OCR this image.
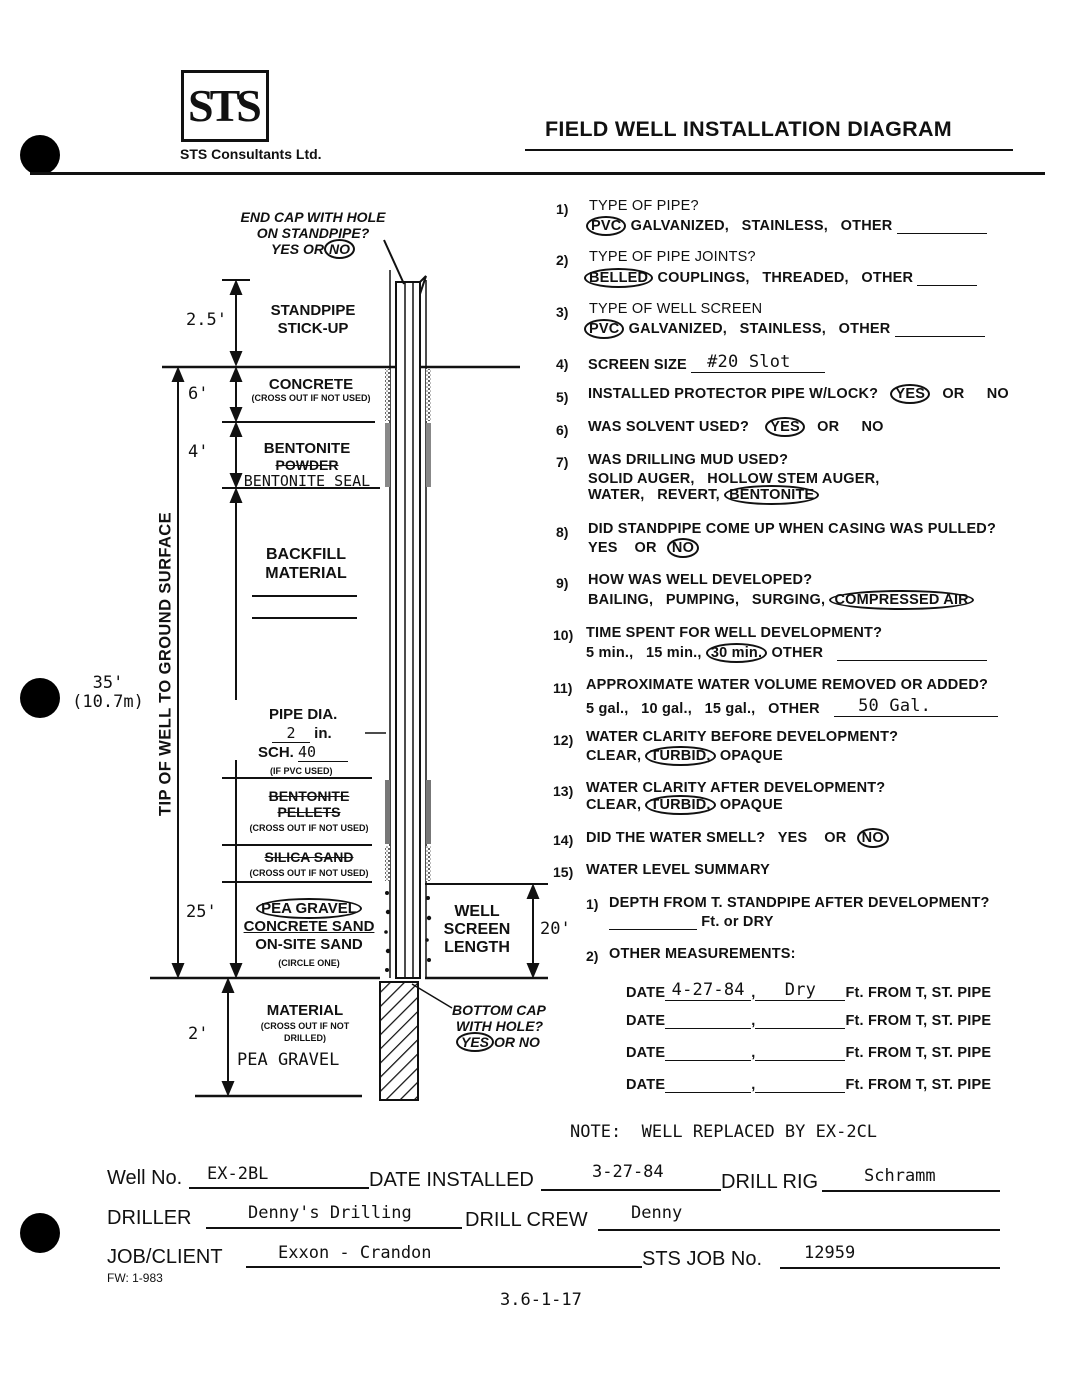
STS
STS Consultants Ltd.
FIELD WELL INSTALLATION DIAGRAM
END CAP WITH HOLE
ON STANDPIPE?
YES OR NO
2.5'	STANDPIPE
STICK-UP
6'	CONCRETE
(CROSS OUT IF NOT USED)
4'	BENTONITE
POWDER
BENTONITE SEAL
BACKFILL
MATERIAL
PIPE DIA.
2 in.
SCH. 40
(IF PVC USED)
BENTONITE
PELLETS
(CROSS OUT IF NOT USED)
SILICA SAND
(CROSS OUT IF NOT USED)
25'	PEA GRAVEL
CONCRETE SAND
ON-SITE SAND
(CIRCLE ONE)
WELL
SCREEN
LENGTH
20'
2'
MATERIAL
(CROSS OUT IF NOT
DRILLED)
PEA GRAVEL
BOTTOM CAP
WITH HOLE?
YES OR NO
35'
(10.7m) TIP OF WELL TO GROUND SURFACE
1) TYPE OF PIPE?
PVC GALVANIZED,   STAINLESS,   OTHER
2) TYPE OF PIPE JOINTS?
BELLED COUPLINGS,   THREADED,   OTHER
3) TYPE OF WELL SCREEN
PVC GALVANIZED,   STAINLESS,   OTHER
4) SCREEN SIZE #20 Slot
5) INSTALLED PROTECTOR PIPE W/LOCK? YES OR NO
6) WAS SOLVENT USED? YES OR NO
7) WAS DRILLING MUD USED?
SOLID AUGER,   HOLLOW STEM AUGER,
WATER,   REVERT, BENTONITE
8) DID STANDPIPE COME UP WHEN CASING WAS PULLED?
YES    OR NO
9) HOW WAS WELL DEVELOPED?
BAILING,   PUMPING,   SURGING, COMPRESSED AIR
10) TIME SPENT FOR WELL DEVELOPMENT?
5 min.,   15 min., 30 min. OTHER
11) APPROXIMATE WATER VOLUME REMOVED OR ADDED?
5 gal.,   10 gal.,   15 gal.,   OTHER 50 Gal.
12) WATER CLARITY BEFORE DEVELOPMENT?
CLEAR, TURBID, OPAQUE
13) WATER CLARITY AFTER DEVELOPMENT?
CLEAR, TURBID, OPAQUE
14) DID THE WATER SMELL?   YES    OR NO
15) WATER LEVEL SUMMARY
1) DEPTH FROM T. STANDPIPE AFTER DEVELOPMENT?
Ft. or DRY
2) OTHER MEASUREMENTS:
DATE 4-27-84 , Dry Ft. FROM T, ST. PIPE
DATE	,	Ft. FROM T, ST. PIPE
DATE	,	Ft. FROM T, ST. PIPE
DATE	,	Ft. FROM T, ST. PIPE
NOTE:  WELL REPLACED BY EX-2CL
Well No. EX-2BL	DATE INSTALLED	3-27-84	DRILL RIG	Schramm
DRILLER	Denny's Drilling	DRILL CREW	Denny
JOB/CLIENT	Exxon - Crandon	STS JOB No. 12959
FW: 1-983
3.6-1-17
